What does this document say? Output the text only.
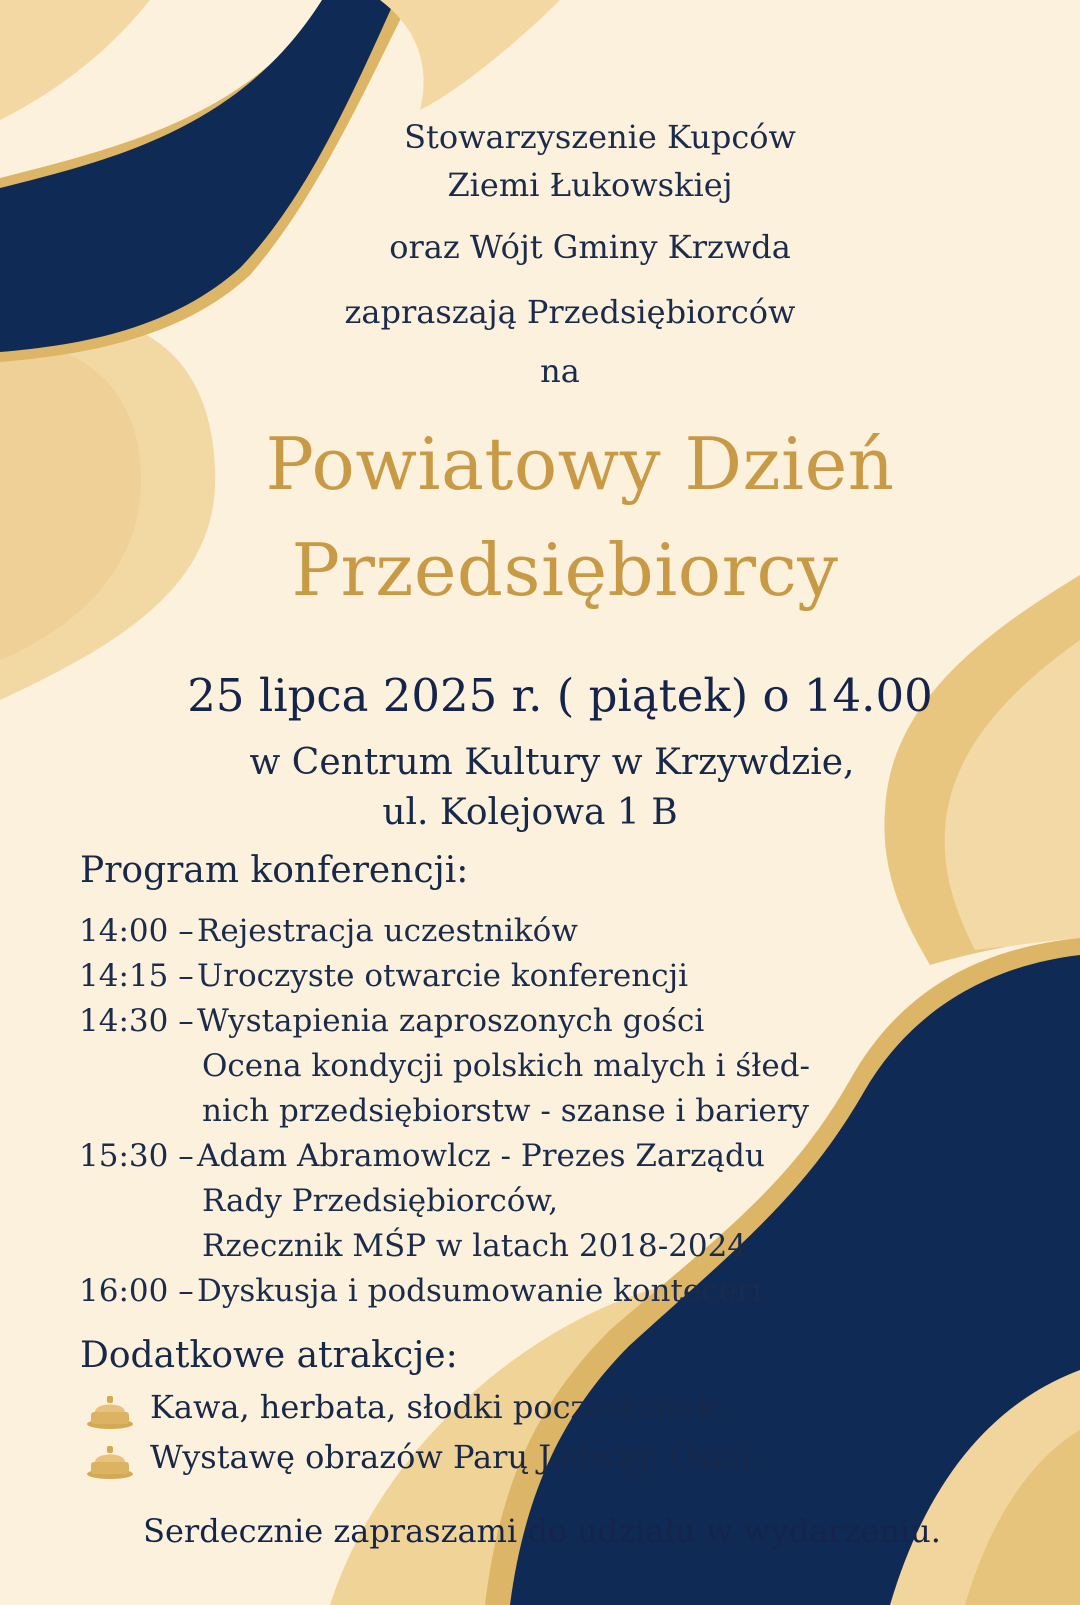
Stowarzyszenie Kupców
Ziemi Łukowskiej
oraz Wójt Gminy Krzwda
zapraszają Przedsiębiorców
na
Powiatowy Dzień
Przedsiębiorcy
25 lipca 2025 r. ( piątek) o 14.00
w Centrum Kultury w Krzywdzie,
ul. Kolejowa 1 B
Program konferencji:
14:00 – Rejestracja uczestników
14:15 – Uroczyste otwarcie konferencji
14:30 – Wystapienia zaproszonych gości
Ocena kondycji polskich malych i śłed-
nich przedsiębiorstw - szanse i bariery
15:30 – Adam Abramowlcz - Prezes Zarządu
Rady Przedsiębiorców,
Rzecznik MŚP w latach 2018-2024
16:00 – Dyskusja i podsumowanie kontecerı
Dodatkowe atrakcje:
Kawa, herbata, słodki poczestunek.
Wystawę obrazów Parų Jadwigi Osial.
Serdecznie zapraszami do udziału w wydarzeniu.
